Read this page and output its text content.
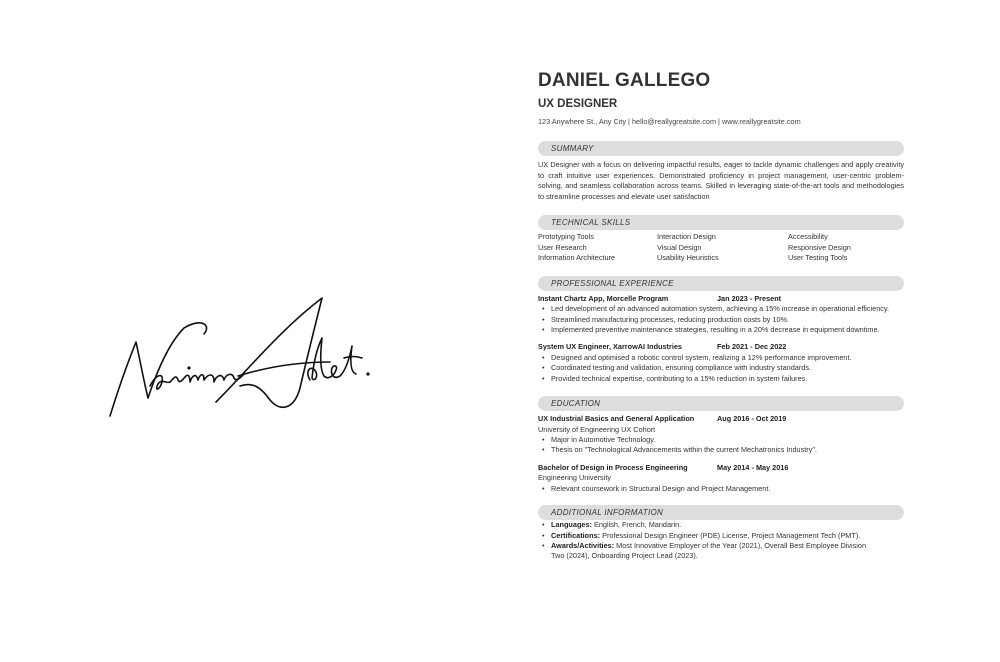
DANIEL GALLEGO
UX DESIGNER
123 Anywhere St., Any City | hello@reallygreatsite.com | www.reallygreatsite.com
SUMMARY
UX Designer with a focus on delivering impactful results, eager to tackle dynamic challenges and apply creativity to craft intuitive user experiences. Demonstrated proficiency in project management, user-centric problem-solving, and seamless collaboration across teams. Skilled in leveraging state-of-the-art tools and methodologies to streamline processes and elevate user satisfaction
TECHNICAL SKILLS
Prototyping Tools	Interaction Design	Accessibility
User Research	Visual Design	Responsive Design
Information Architecture	Usability Heuristics	User Testing Tools
PROFESSIONAL EXPERIENCE
Instant Chartz App, Morcelle Program	Jan 2023 - Present
• Led development of an advanced automation system, achieving a 15% increase in operational efficiency.
• Streamlined manufacturing processes, reducing production costs by 10%.
• Implemented preventive maintenance strategies, resulting in a 20% decrease in equipment downtime.
System UX Engineer, XarrowAI Industries	Feb 2021 - Dec 2022
• Designed and optimised a robotic control system, realizing a 12% performance improvement.
• Coordinated testing and validation, ensuring compliance with industry standards.
• Provided technical expertise, contributing to a 15% reduction in system failures.
EDUCATION
UX Industrial Basics and General Application	Aug 2016 - Oct 2019
University of Engineering UX Cohort
• Major in Automotive Technology.
• Thesis on "Technological Advancements within the current Mechatronics Industry".
Bachelor of Design in Process Engineering	May 2014 - May 2016
Engineering University
• Relevant coursework in Structural Design and Project Management.
ADDITIONAL INFORMATION
• Languages: English, French, Mandarin.
• Certifications: Professional Design Engineer (PDE) License, Project Management Tech (PMT).
• Awards/Activities: Most Innovative Employer of the Year (2021), Overall Best Employee Division Two (2024), Onboarding Project Lead (2023).
